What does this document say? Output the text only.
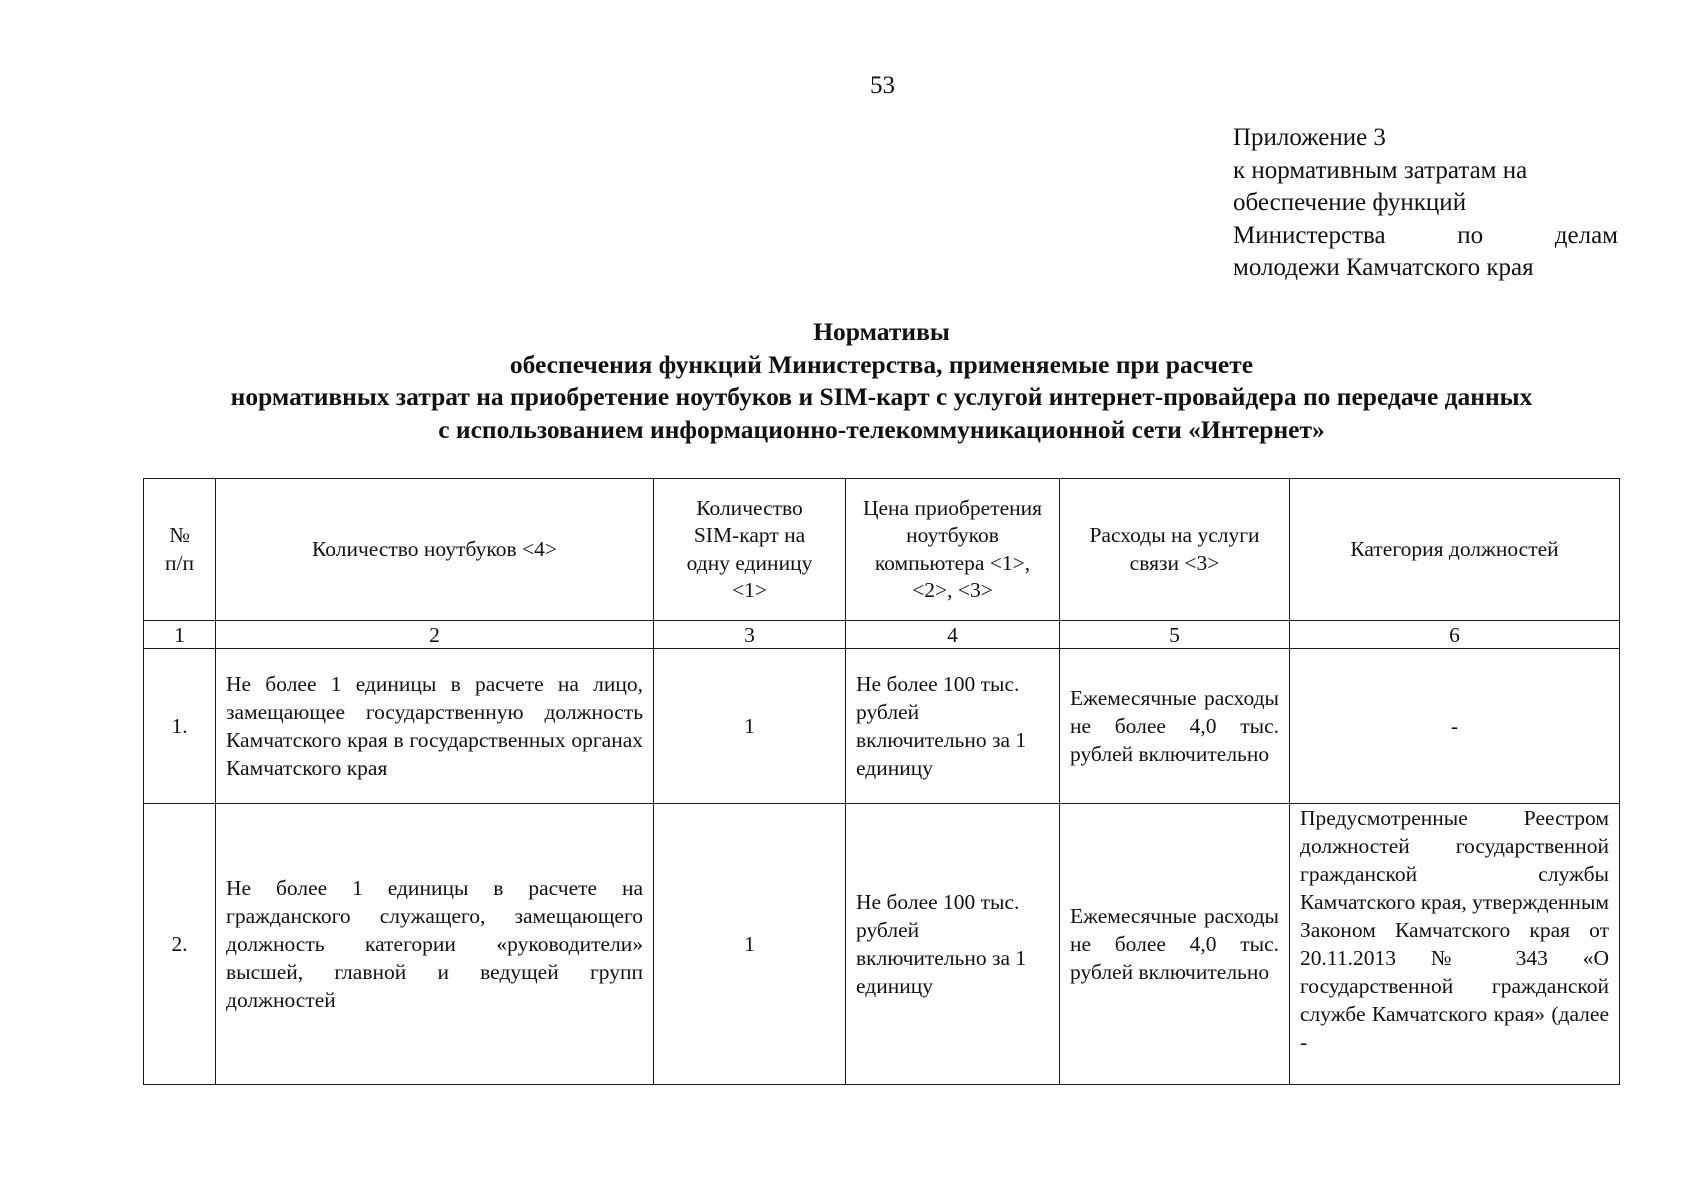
53
Приложение 3
к нормативным затратам на
обеспечение функций
Министерства	по	делам
молодежи Камчатского края
Нормативы
обеспечения функций Министерства, применяемые при расчете
нормативных затрат на приобретение ноутбуков и SIM-карт с услугой интернет-провайдера по передаче данных
с использованием информационно-телекоммуникационной сети «Интернет»
№ п/п	Количество ноутбуков <4>	Количество SIM-карт на одну единицу <1>	Цена приобретения ноутбуков компьютера <1>, <2>, <3>	Расходы на услуги связи <3>	Категория должностей

1	2	3	4	5	6
1.	Не более 1 единицы в расчете на лицо, замещающее государственную должность Камчатского края в государственных органах Камчатского края	1	Не более 100 тыс. рублей включительно за 1 единицу	Ежемесячные расходы не более 4,0 тыс. рублей включительно	-
2.	Не более 1 единицы в расчете на гражданского служащего, замещающего должность категории «руководители» высшей, главной и ведущей групп должностей	1	Не более 100 тыс. рублей включительно за 1 единицу	Ежемесячные расходы не более 4,0 тыс. рублей включительно	Предусмотренные Реестром должностей государственной гражданской службы Камчатского края, утвержденным Законом Камчатского края от 20.11.2013 № 343 «О государственной гражданской службе Камчатского края» (далее -
